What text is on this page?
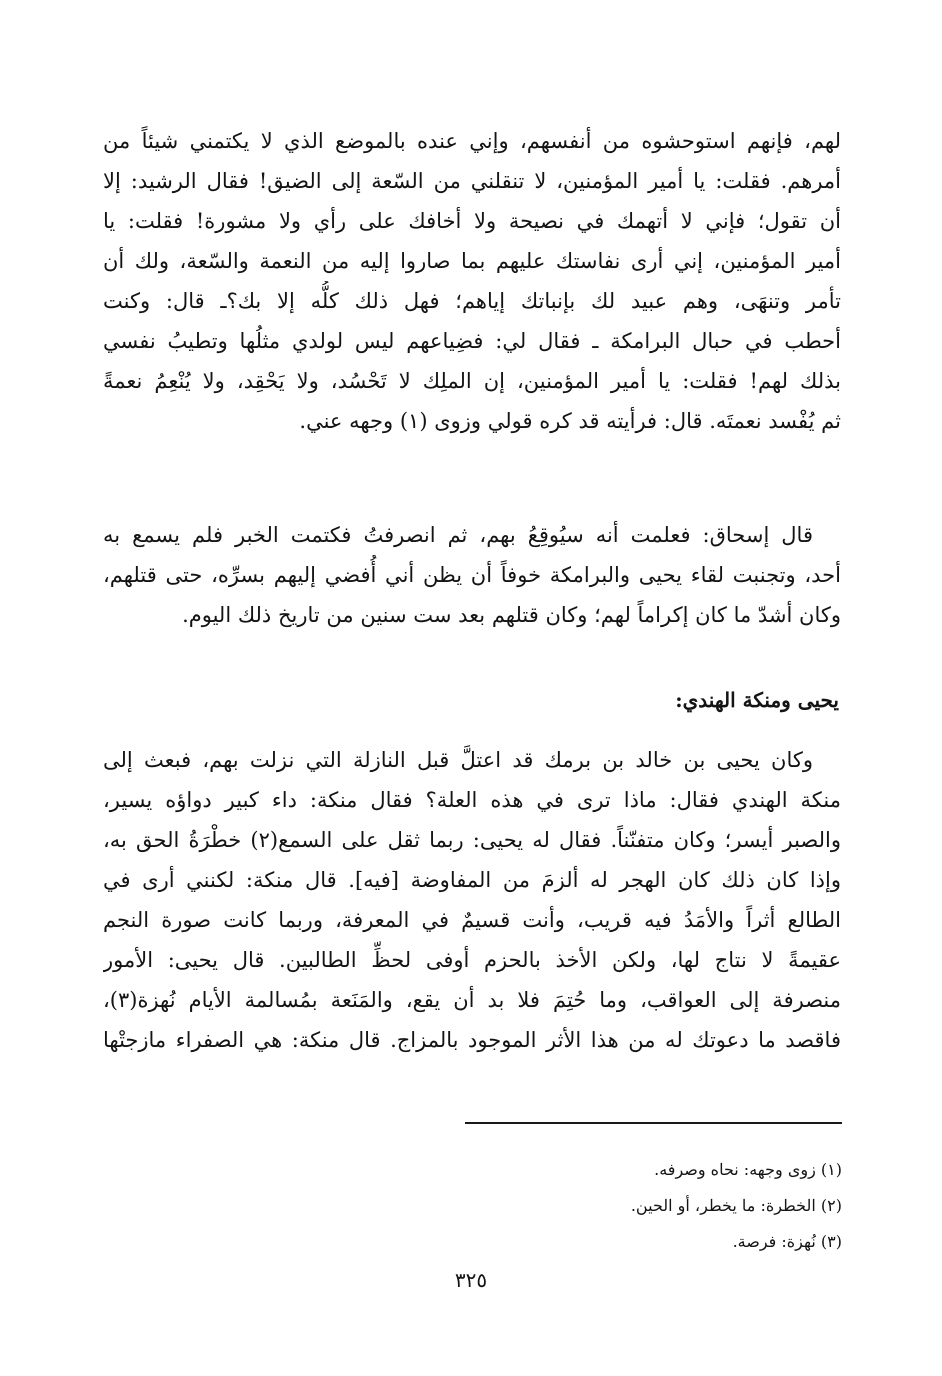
لهم، فإنهم استوحشوه من أنفسهم، وإني عنده بالموضع الذي لا يكتمني شيئاً من
أمرهم. فقلت: يا أمير المؤمنين، لا تنقلني من السّعة إلى الضيق! فقال الرشيد: إلا
أن تقول؛ فإني لا أتهمك في نصيحة ولا أخافك على رأي ولا مشورة! فقلت: يا
أمير المؤمنين، إني أرى نفاستك عليهم بما صاروا إليه من النعمة والسّعة، ولك أن
تأمر وتنهَى، وهم عبيد لك بإنباتك إياهم؛ فهل ذلك كلُّه إلا بك؟ـ قال: وكنت
أحطب في حبال البرامكة ـ فقال لي: فضِياعهم ليس لولدي مثلُها وتطيبُ نفسي
بذلك لهم! فقلت: يا أمير المؤمنين، إن الملِك لا تَحْسُد، ولا يَحْقِد، ولا يُنْعِمُ نعمةً
ثم يُفْسد نعمتَه. قال: فرأيته قد كره قولي وزوى (١) وجهه عني.
قال إسحاق: فعلمت أنه سيُوقِعُ بهم، ثم انصرفتُ فكتمت الخبر فلم يسمع به
أحد، وتجنبت لقاء يحيى والبرامكة خوفاً أن يظن أني أُفضي إليهم بسرِّه، حتى قتلهم،
وكان أشدّ ما كان إكراماً لهم؛ وكان قتلهم بعد ست سنين من تاريخ ذلك اليوم.
يحيى ومنكة الهندي:
وكان يحيى بن خالد بن برمك قد اعتلَّ قبل النازلة التي نزلت بهم، فبعث إلى
منكة الهندي فقال: ماذا ترى في هذه العلة؟ فقال منكة: داء كبير دواؤه يسير،
والصبر أيسر؛ وكان متفنّناً. فقال له يحيى: ربما ثقل على السمع(٢) خطْرَةُ الحق به،
وإذا كان ذلك كان الهجر له ألزمَ من المفاوضة [فيه]. قال منكة: لكنني أرى في
الطالع أثراً والأمَدُ فيه قريب، وأنت قسيمٌ في المعرفة، وربما كانت صورة النجم
عقيمةً لا نتاج لها، ولكن الأخذ بالحزم أوفى لحظِّ الطالبين. قال يحيى: الأمور
منصرفة إلى العواقب، وما حُتِمَ فلا بد أن يقع، والمَنَعة بمُسالمة الأيام نُهزة(٣)،
فاقصد ما دعوتك له من هذا الأثر الموجود بالمزاج. قال منكة: هي الصفراء مازجتْها
(١) زوى وجهه: نحاه وصرفه.
(٢) الخطرة: ما يخطر، أو الحين.
(٣) نُهزة: فرصة.
٣٢٥
